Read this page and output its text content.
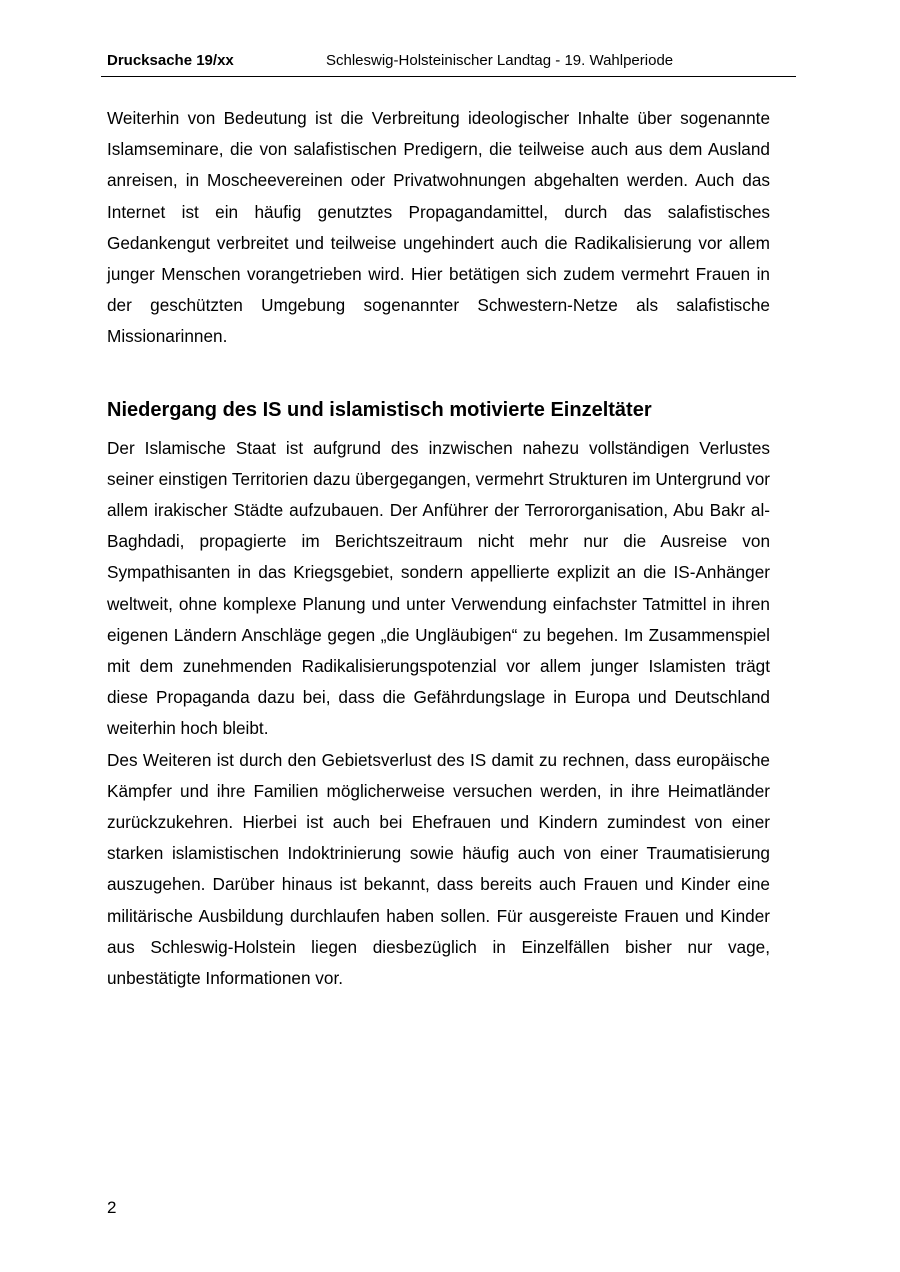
Drucksache 19/xx	Schleswig-Holsteinischer Landtag - 19. Wahlperiode

Weiterhin von Bedeutung ist die Verbreitung ideologischer Inhalte über sogenannte Islamseminare, die von salafistischen Predigern, die teilweise auch aus dem Ausland anreisen, in Moscheevereinen oder Privatwohnungen abgehalten werden. Auch das Internet ist ein häufig genutztes Propagandamittel, durch das salafistisches Gedankengut verbreitet und teilweise ungehindert auch die Radikalisierung vor allem junger Menschen vorangetrieben wird. Hier betätigen sich zudem vermehrt Frauen in der geschützten Umgebung sogenannter Schwestern-Netze als salafistische Missionarinnen.

Niedergang des IS und islamistisch motivierte Einzeltäter

Der Islamische Staat ist aufgrund des inzwischen nahezu vollständigen Verlustes seiner einstigen Territorien dazu übergegangen, vermehrt Strukturen im Untergrund vor allem irakischer Städte aufzubauen. Der Anführer der Terrororganisation, Abu Bakr al-Baghdadi, propagierte im Berichtszeitraum nicht mehr nur die Ausreise von Sympathisanten in das Kriegsgebiet, sondern appellierte explizit an die IS-Anhänger weltweit, ohne komplexe Planung und unter Verwendung einfachster Tatmittel in ihren eigenen Ländern Anschläge gegen „die Ungläubigen“ zu begehen. Im Zusammenspiel mit dem zunehmenden Radikalisierungspotenzial vor allem junger Islamisten trägt diese Propaganda dazu bei, dass die Gefährdungslage in Europa und Deutschland weiterhin hoch bleibt.

Des Weiteren ist durch den Gebietsverlust des IS damit zu rechnen, dass europäische Kämpfer und ihre Familien möglicherweise versuchen werden, in ihre Heimatländer zurückzukehren. Hierbei ist auch bei Ehefrauen und Kindern zumindest von einer starken islamistischen Indoktrinierung sowie häufig auch von einer Traumatisierung auszugehen. Darüber hinaus ist bekannt, dass bereits auch Frauen und Kinder eine militärische Ausbildung durchlaufen haben sollen. Für ausgereiste Frauen und Kinder aus Schleswig-Holstein liegen diesbezüglich in Einzelfällen bisher nur vage, unbestätigte Informationen vor.

2
